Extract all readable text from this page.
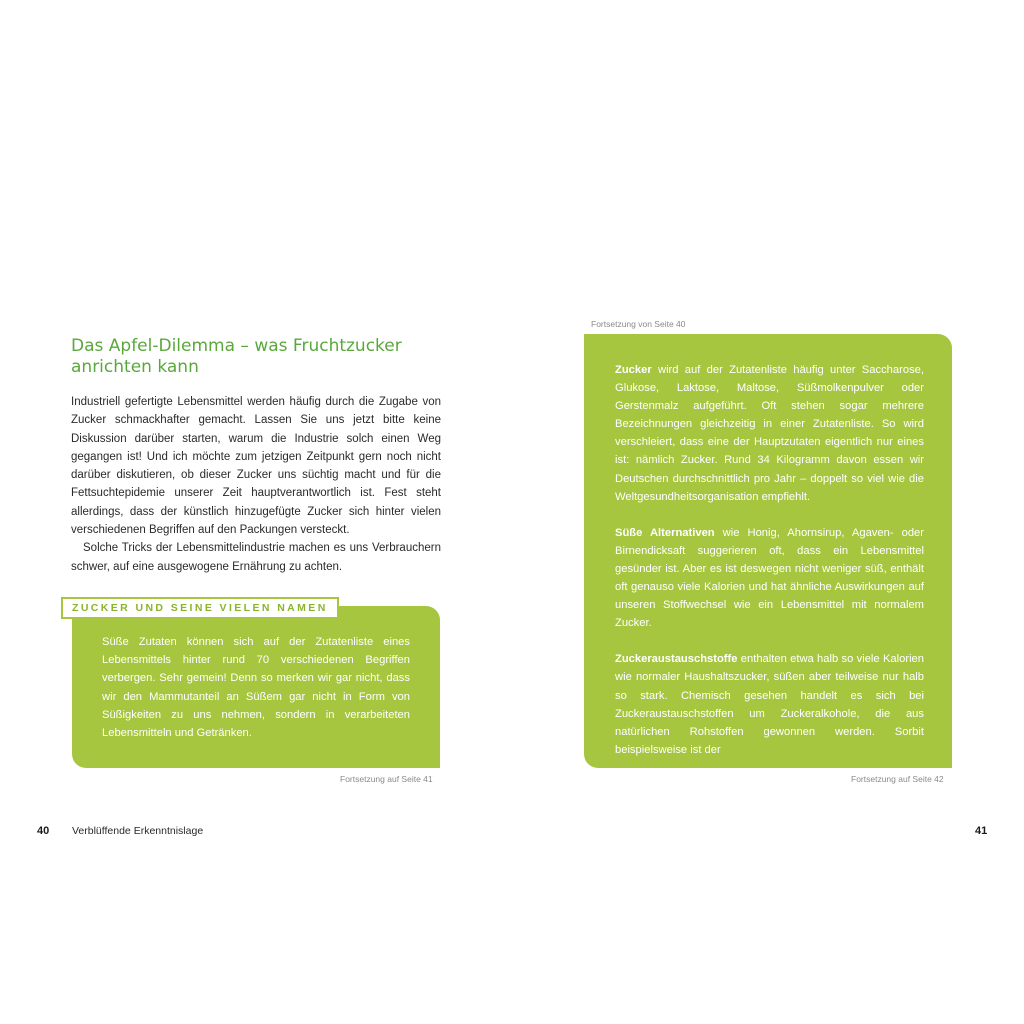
Das Apfel-Dilemma – was Fruchtzucker anrichten kann

Industriell gefertigte Lebensmittel werden häufig durch die Zugabe von Zucker schmackhafter gemacht. Lassen Sie uns jetzt bitte keine Diskussion darüber starten, warum die Industrie solch einen Weg gegangen ist! Und ich möchte zum jetzigen Zeitpunkt gern noch nicht darüber diskutieren, ob dieser Zucker uns süchtig macht und für die Fettsuchtepidemie unserer Zeit hauptverantwortlich ist. Fest steht allerdings, dass der künstlich hinzugefügte Zucker sich hinter vielen verschiedenen Begriffen auf den Packungen versteckt.

Solche Tricks der Lebensmittelindustrie machen es uns Verbrauchern schwer, auf eine ausgewogene Ernährung zu achten.

Süße Zutaten können sich auf der Zutatenliste eines Lebensmittels hinter rund 70 verschiedenen Begriffen verbergen. Sehr gemein! Denn so merken wir gar nicht, dass wir den Mammutanteil an Süßem gar nicht in Form von Süßigkeiten zu uns nehmen, sondern in verarbeiteten Lebensmitteln und Getränken.
ZUCKER UND SEINE VIELEN NAMEN
Fortsetzung auf Seite 41
Fortsetzung von Seite 40

Zucker wird auf der Zutatenliste häufig unter Saccharose, Glukose, Laktose, Maltose, Süßmolkenpulver oder Gerstenmalz aufgeführt. Oft stehen sogar mehrere Bezeichnungen gleichzeitig in einer Zutatenliste. So wird verschleiert, dass eine der Hauptzutaten eigentlich nur eines ist: nämlich Zucker. Rund 34 Kilogramm davon essen wir Deutschen durchschnittlich pro Jahr – doppelt so viel wie die Weltgesundheitsorganisation empfiehlt.

Süße Alternativen wie Honig, Ahornsirup, Agaven- oder Birnendicksaft suggerieren oft, dass ein Lebensmittel gesünder ist. Aber es ist deswegen nicht weniger süß, enthält oft genauso viele Kalorien und hat ähnliche Auswirkungen auf unseren Stoffwechsel wie ein Lebensmittel mit normalem Zucker.

Zuckeraustauschstoffe enthalten etwa halb so viele Kalorien wie normaler Haushaltszucker, süßen aber teilweise nur halb so stark. Chemisch gesehen handelt es sich bei Zuckeraustauschstoffen um Zuckeralkohole, die aus natürlichen Rohstoffen gewonnen werden. Sorbit beispielsweise ist der

Fortsetzung auf Seite 42
40 Verblüffende Erkenntnislage	41
